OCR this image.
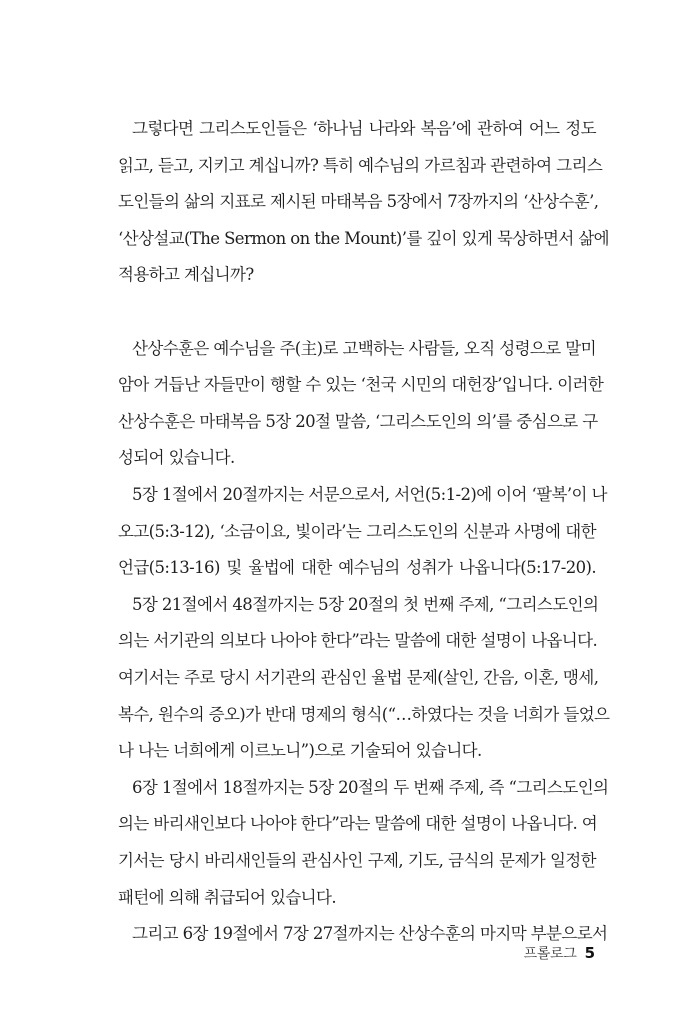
그렇다면 그리스도인들은 ‘하나님 나라와 복음’에 관하여 어느 정도
읽고, 듣고, 지키고 계십니까? 특히 예수님의 가르침과 관련하여 그리스
도인들의 삶의 지표로 제시된 마태복음 5장에서 7장까지의 ‘산상수훈’,
‘산상설교(The Sermon on the Mount)’를 깊이 있게 묵상하면서 삶에
적용하고 계십니까?
산상수훈은 예수님을 주(主)로 고백하는 사람들, 오직 성령으로 말미
암아 거듭난 자들만이 행할 수 있는 ‘천국 시민의 대헌장’입니다. 이러한
산상수훈은 마태복음 5장 20절 말씀, ‘그리스도인의 의’를 중심으로 구
성되어 있습니다.
5장 1절에서 20절까지는 서문으로서, 서언(5:1-2)에 이어 ‘팔복’이 나
오고(5:3-12), ‘소금이요, 빛이라’는 그리스도인의 신분과 사명에 대한
언급(5:13-16) 및 율법에 대한 예수님의 성취가 나옵니다(5:17-20).
5장 21절에서 48절까지는 5장 20절의 첫 번째 주제, “그리스도인의
의는 서기관의 의보다 나아야 한다”라는 말씀에 대한 설명이 나옵니다.
여기서는 주로 당시 서기관의 관심인 율법 문제(살인, 간음, 이혼, 맹세,
복수, 원수의 증오)가 반대 명제의 형식(“…하였다는 것을 너희가 들었으
나 나는 너희에게 이르노니”)으로 기술되어 있습니다.
6장 1절에서 18절까지는 5장 20절의 두 번째 주제, 즉 “그리스도인의
의는 바리새인보다 나아야 한다”라는 말씀에 대한 설명이 나옵니다. 여
기서는 당시 바리새인들의 관심사인 구제, 기도, 금식의 문제가 일정한
패턴에 의해 취급되어 있습니다.
그리고 6장 19절에서 7장 27절까지는 산상수훈의 마지막 부분으로서
프롤로그 5
